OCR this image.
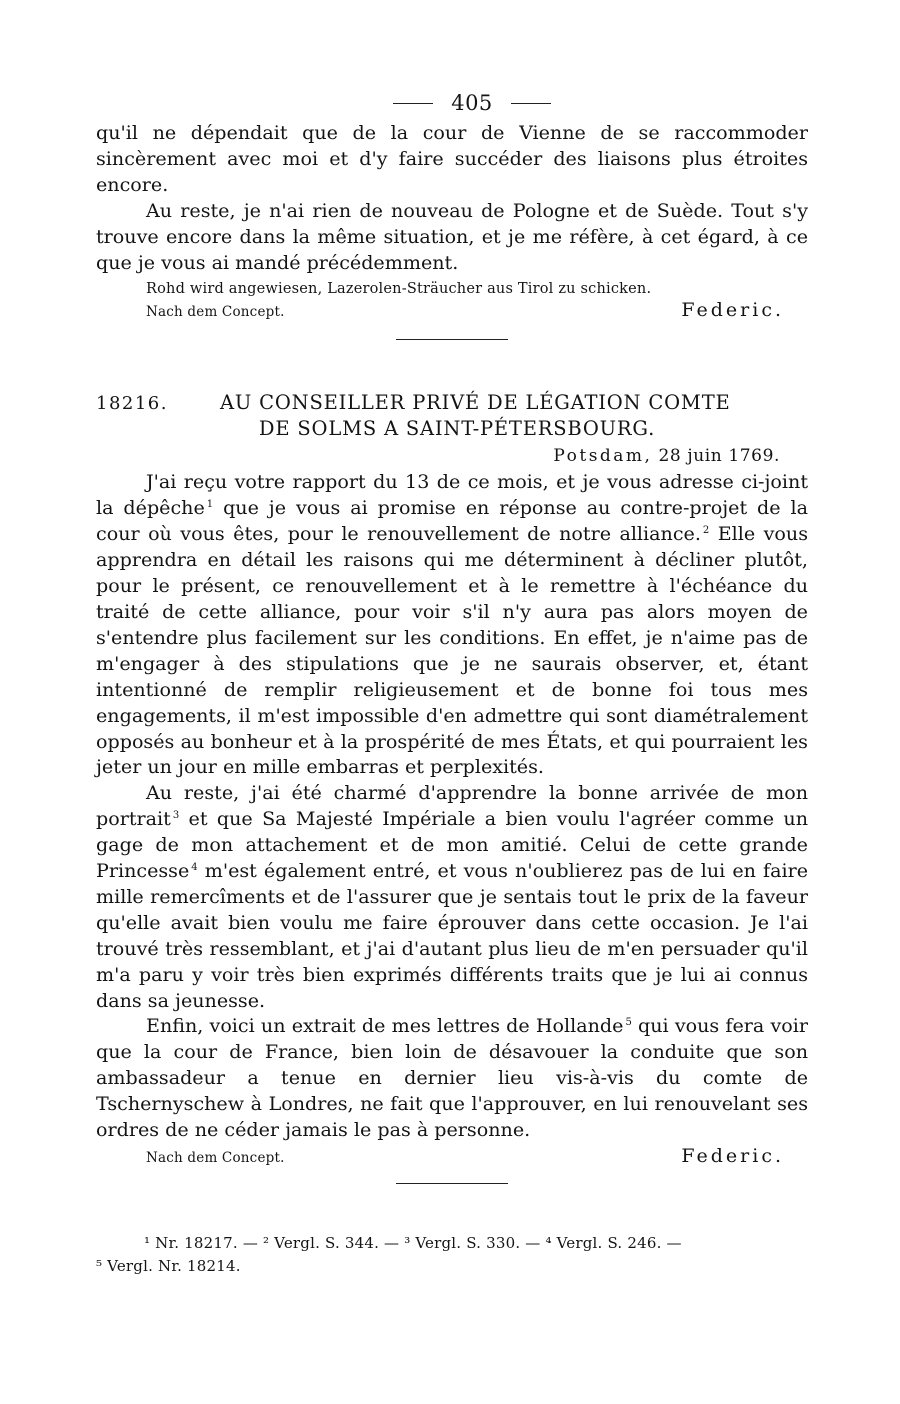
405

qu'il ne dépendait que de la cour de Vienne de se raccommoder sincèrement avec moi et d'y faire succéder des liaisons plus étroites encore.

Au reste, je n'ai rien de nouveau de Pologne et de Suède. Tout s'y trouve encore dans la même situation, et je me réfère, à cet égard, à ce que je vous ai mandé précédemment.

Rohd wird angewiesen, Lazerolen-Sträucher aus Tirol zu schicken.
Nach dem Concept.	Federic.
18216.	AU CONSEILLER PRIVÉ DE LÉGATION COMTE
DE SOLMS A SAINT-PÉTERSBOURG.
Potsdam, 28 juin 1769.

J'ai reçu votre rapport du 13 de ce mois, et je vous adresse ci-joint la dépêche $^1$ que je vous ai promise en réponse au contre-projet de la cour où vous êtes, pour le renouvellement de notre alliance. $^2$ Elle vous apprendra en détail les raisons qui me déterminent à décliner plutôt, pour le présent, ce renouvellement et à le remettre à l'échéance du traité de cette alliance, pour voir s'il n'y aura pas alors moyen de s'entendre plus facilement sur les conditions. En effet, je n'aime pas de m'engager à des stipulations que je ne saurais observer, et, étant intentionné de remplir religieusement et de bonne foi tous mes engagements, il m'est impossible d'en admettre qui sont diamétralement opposés au bonheur et à la prospérité de mes États, et qui pourraient les jeter un jour en mille embarras et perplexités.

Au reste, j'ai été charmé d'apprendre la bonne arrivée de mon portrait $^3$ et que Sa Majesté Impériale a bien voulu l'agréer comme un gage de mon attachement et de mon amitié. Celui de cette grande Princesse $^4$ m'est également entré, et vous n'oublierez pas de lui en faire mille remercîments et de l'assurer que je sentais tout le prix de la faveur qu'elle avait bien voulu me faire éprouver dans cette occasion. Je l'ai trouvé très ressemblant, et j'ai d'autant plus lieu de m'en persuader qu'il m'a paru y voir très bien exprimés différents traits que je lui ai connus dans sa jeunesse.

Enfin, voici un extrait de mes lettres de Hollande $^5$ qui vous fera voir que la cour de France, bien loin de désavouer la conduite que son ambassadeur a tenue en dernier lieu vis-à-vis du comte de Tschernyschew à Londres, ne fait que l'approuver, en lui renouvelant ses ordres de ne céder jamais le pas à personne.

Nach dem Concept.	Federic.
¹ Nr. 18217. — ² Vergl. S. 344. — ³ Vergl. S. 330. — ⁴ Vergl. S. 246. —
⁵ Vergl. Nr. 18214.
